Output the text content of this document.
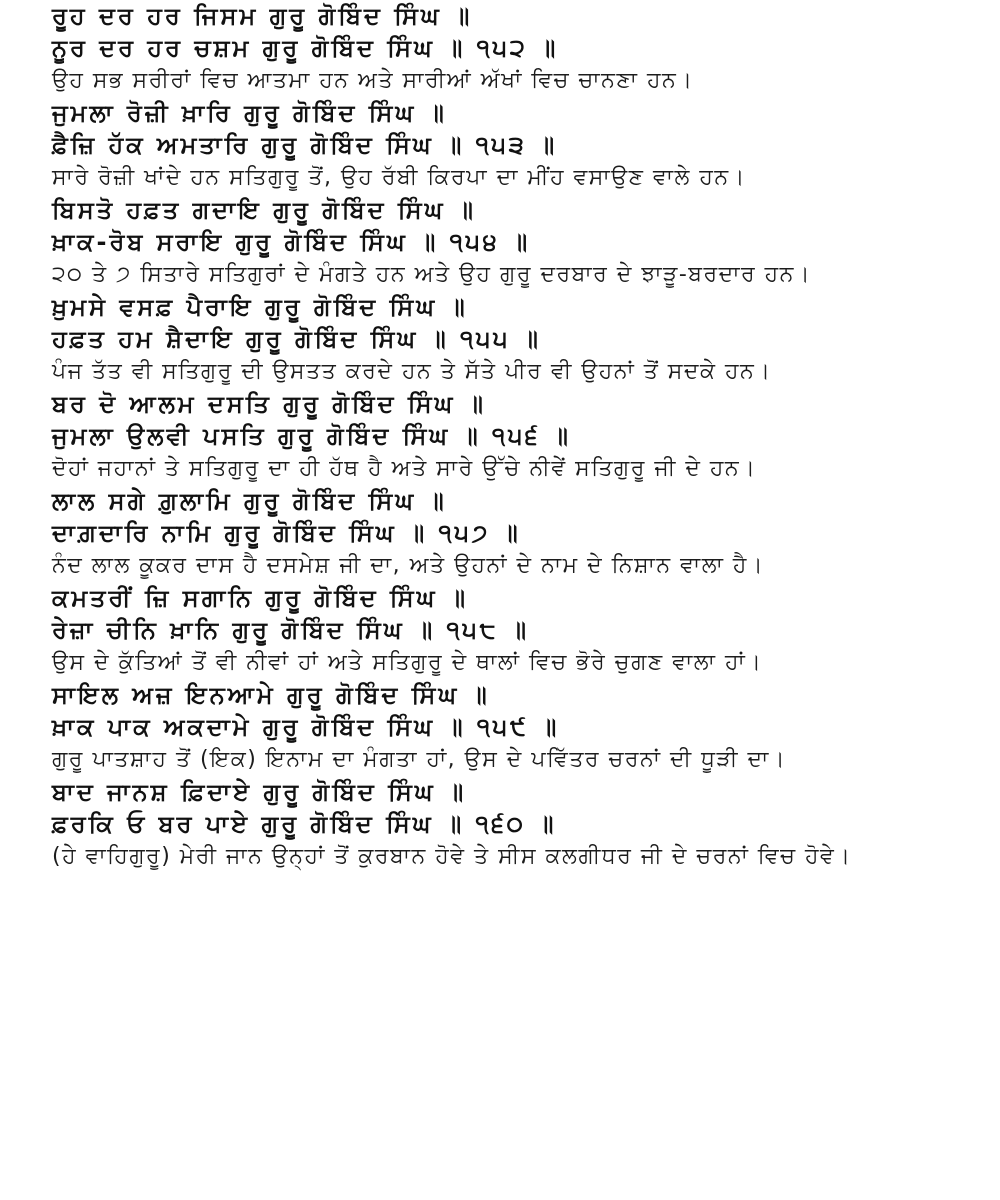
ਰੂਹ ਦਰ ਹਰ ਜਿਸਮ ਗੁਰੂ ਗੋਬਿੰਦ ਸਿੰਘ ॥
ਨੂਰ ਦਰ ਹਰ ਚਸ਼ਮ ਗੁਰੂ ਗੋਬਿੰਦ ਸਿੰਘ ॥ ੧੫੨ ॥
ਉਹ ਸਭ ਸਰੀਰਾਂ ਵਿਚ ਆਤਮਾ ਹਨ ਅਤੇ ਸਾਰੀਆਂ ਅੱਖਾਂ ਵਿਚ ਚਾਨਣਾ ਹਨ।
ਜੁਮਲਾ ਰੋਜ਼ੀ ਖ਼ਾਰਿ ਗੁਰੂ ਗੋਬਿੰਦ ਸਿੰਘ ॥
ਫ਼ੈਜ਼ਿ ਹੱਕ ਅਮਤਾਰਿ ਗੁਰੂ ਗੋਬਿੰਦ ਸਿੰਘ ॥ ੧੫੩ ॥
ਸਾਰੇ ਰੋਜ਼ੀ ਖਾਂਦੇ ਹਨ ਸਤਿਗੁਰੂ ਤੋਂ, ਉਹ ਰੱਬੀ ਕਿਰਪਾ ਦਾ ਮੀਂਹ ਵਸਾਉਣ ਵਾਲੇ ਹਨ।
ਬਿਸਤੋ ਹਫ਼ਤ ਗਦਾਇ ਗੁਰੂ ਗੋਬਿੰਦ ਸਿੰਘ ॥
ਖ਼ਾਕ-ਰੋਬ ਸਰਾਇ ਗੁਰੂ ਗੋਬਿੰਦ ਸਿੰਘ ॥ ੧੫੪ ॥
੨੦ ਤੇ ੭ ਸਿਤਾਰੇ ਸਤਿਗੁਰਾਂ ਦੇ ਮੰਗਤੇ ਹਨ ਅਤੇ ਉਹ ਗੁਰੂ ਦਰਬਾਰ ਦੇ ਝਾੜੂ-ਬਰਦਾਰ ਹਨ।
ਖ਼ੁਮਸੇ ਵਸਫ਼ ਪੈਰਾਇ ਗੁਰੂ ਗੋਬਿੰਦ ਸਿੰਘ ॥
ਹਫ਼ਤ ਹਮ ਸ਼ੈਦਾਇ ਗੁਰੂ ਗੋਬਿੰਦ ਸਿੰਘ ॥ ੧੫੫ ॥
ਪੰਜ ਤੱਤ ਵੀ ਸਤਿਗੁਰੂ ਦੀ ਉਸਤਤ ਕਰਦੇ ਹਨ ਤੇ ਸੱਤੇ ਪੀਰ ਵੀ ਉਹਨਾਂ ਤੋਂ ਸਦਕੇ ਹਨ।
ਬਰ ਦੋ ਆਲਮ ਦਸਤਿ ਗੁਰੂ ਗੋਬਿੰਦ ਸਿੰਘ ॥
ਜੁਮਲਾ ਉਲਵੀ ਪਸਤਿ ਗੁਰੂ ਗੋਬਿੰਦ ਸਿੰਘ ॥ ੧੫੬ ॥
ਦੋਹਾਂ ਜਹਾਨਾਂ ਤੇ ਸਤਿਗੁਰੂ ਦਾ ਹੀ ਹੱਥ ਹੈ ਅਤੇ ਸਾਰੇ ਉੱਚੇ ਨੀਵੇਂ ਸਤਿਗੁਰੂ ਜੀ ਦੇ ਹਨ।
ਲਾਲ ਸਗੇ ਗ਼ੁਲਾਮਿ ਗੁਰੂ ਗੋਬਿੰਦ ਸਿੰਘ ॥
ਦਾਗ਼ਦਾਰਿ ਨਾਮਿ ਗੁਰੂ ਗੋਬਿੰਦ ਸਿੰਘ ॥ ੧੫੭ ॥
ਨੰਦ ਲਾਲ ਕੂਕਰ ਦਾਸ ਹੈ ਦਸਮੇਸ਼ ਜੀ ਦਾ, ਅਤੇ ਉਹਨਾਂ ਦੇ ਨਾਮ ਦੇ ਨਿਸ਼ਾਨ ਵਾਲਾ ਹੈ।
ਕਮਤਰੀਂ ਜ਼ਿ ਸਗਾਨਿ ਗੁਰੂ ਗੋਬਿੰਦ ਸਿੰਘ ॥
ਰੇਜ਼ਾ ਚੀਨਿ ਖ਼ਾਨਿ ਗੁਰੂ ਗੋਬਿੰਦ ਸਿੰਘ ॥ ੧੫੮ ॥
ਉਸ ਦੇ ਕੁੱਤਿਆਂ ਤੋਂ ਵੀ ਨੀਵਾਂ ਹਾਂ ਅਤੇ ਸਤਿਗੁਰੂ ਦੇ ਥਾਲਾਂ ਵਿਚ ਭੋਰੇ ਚੁਗਣ ਵਾਲਾ ਹਾਂ।
ਸਾਇਲ ਅਜ਼ ਇਨਆਮੇ ਗੁਰੂ ਗੋਬਿੰਦ ਸਿੰਘ ॥
ਖ਼ਾਕ ਪਾਕ ਅਕਦਾਮੇ ਗੁਰੂ ਗੋਬਿੰਦ ਸਿੰਘ ॥ ੧੫੯ ॥
ਗੁਰੂ ਪਾਤਸ਼ਾਹ ਤੋਂ (ਇਕ) ਇਨਾਮ ਦਾ ਮੰਗਤਾ ਹਾਂ, ਉਸ ਦੇ ਪਵਿੱਤਰ ਚਰਨਾਂ ਦੀ ਧੂੜੀ ਦਾ।
ਬਾਦ ਜਾਨਸ਼ ਫ਼ਿਦਾਏ ਗੁਰੂ ਗੋਬਿੰਦ ਸਿੰਘ ॥
ਫ਼ਰਕਿ ਓ ਬਰ ਪਾਏ ਗੁਰੂ ਗੋਬਿੰਦ ਸਿੰਘ ॥ ੧੬੦ ॥
(ਹੇ ਵਾਹਿਗੁਰੂ) ਮੇਰੀ ਜਾਨ ਉਨ੍ਹਾਂ ਤੋਂ ਕੁਰਬਾਨ ਹੋਵੇ ਤੇ ਸੀਸ ਕਲਗੀਧਰ ਜੀ ਦੇ ਚਰਨਾਂ ਵਿਚ ਹੋਵੇ।
